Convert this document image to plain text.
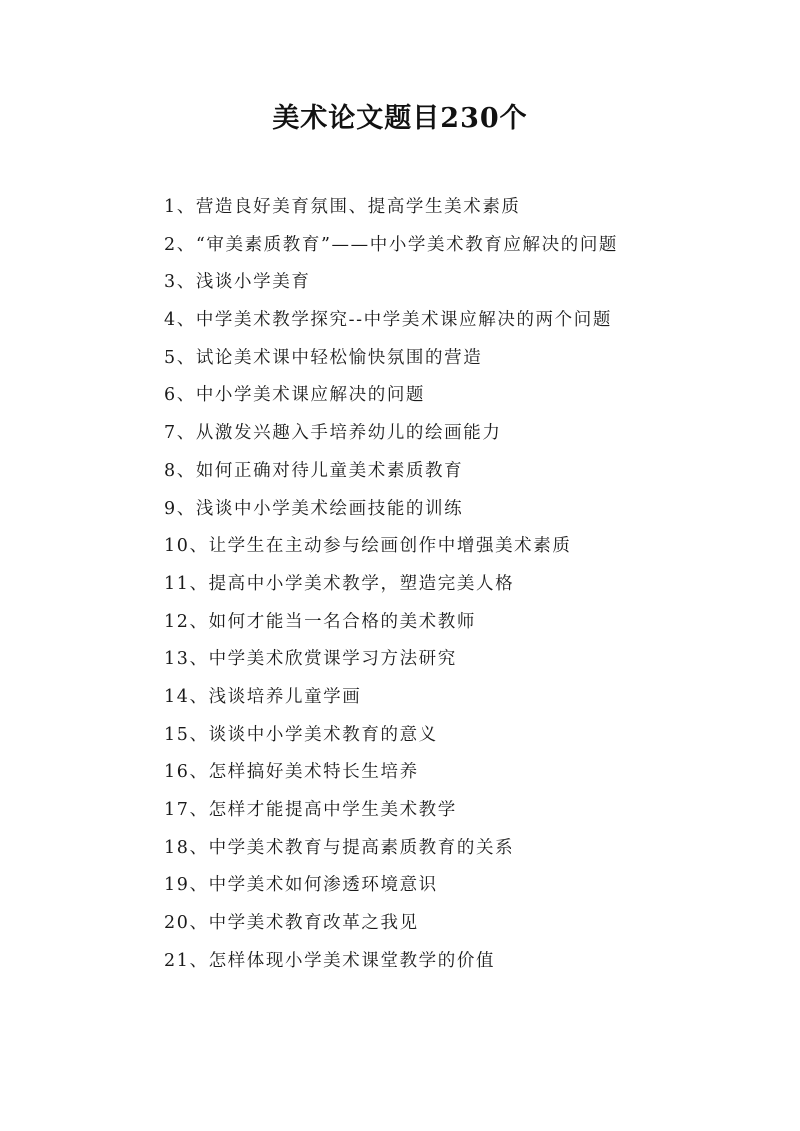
美术论文题目230个
1、营造良好美育氛围、提高学生美术素质
2、“审美素质教育”——中小学美术教育应解决的问题
3、浅谈小学美育
4、中学美术教学探究--中学美术课应解决的两个问题
5、试论美术课中轻松愉快氛围的营造
6、中小学美术课应解决的问题
7、从激发兴趣入手培养幼儿的绘画能力
8、如何正确对待儿童美术素质教育
9、浅谈中小学美术绘画技能的训练
10、让学生在主动参与绘画创作中增强美术素质
11、提高中小学美术教学，塑造完美人格
12、如何才能当一名合格的美术教师
13、中学美术欣赏课学习方法研究
14、浅谈培养儿童学画
15、谈谈中小学美术教育的意义
16、怎样搞好美术特长生培养
17、怎样才能提高中学生美术教学
18、中学美术教育与提高素质教育的关系
19、中学美术如何渗透环境意识
20、中学美术教育改革之我见
21、怎样体现小学美术课堂教学的价值
